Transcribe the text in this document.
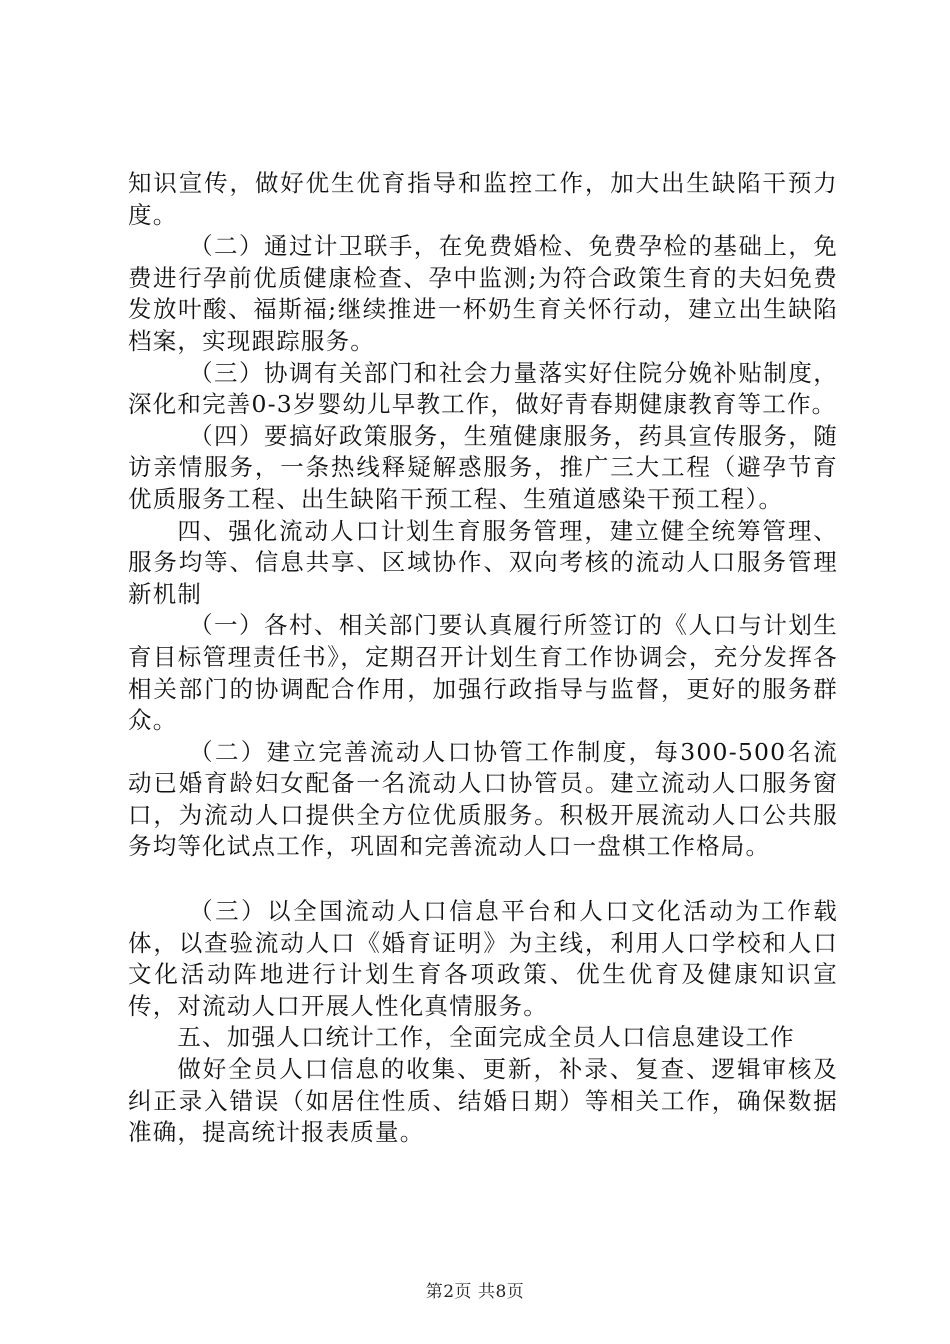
知识宣传，做好优生优育指导和监控工作，加大出生缺陷干预力度。

（二）通过计卫联手，在免费婚检、免费孕检的基础上，免费进行孕前优质健康检查、孕中监测;为符合政策生育的夫妇免费发放叶酸、福斯福;继续推进一杯奶生育关怀行动，建立出生缺陷档案，实现跟踪服务。

（三）协调有关部门和社会力量落实好住院分娩补贴制度，深化和完善0-3岁婴幼儿早教工作，做好青春期健康教育等工作。

（四）要搞好政策服务，生殖健康服务，药具宣传服务，随访亲情服务，一条热线释疑解惑服务，推广三大工程（避孕节育优质服务工程、出生缺陷干预工程、生殖道感染干预工程）。

四、强化流动人口计划生育服务管理，建立健全统筹管理、服务均等、信息共享、区域协作、双向考核的流动人口服务管理新机制

（一）各村、相关部门要认真履行所签订的《人口与计划生育目标管理责任书》，定期召开计划生育工作协调会，充分发挥各相关部门的协调配合作用，加强行政指导与监督，更好的服务群众。

（二）建立完善流动人口协管工作制度，每300-500名流动已婚育龄妇女配备一名流动人口协管员。建立流动人口服务窗口，为流动人口提供全方位优质服务。积极开展流动人口公共服务均等化试点工作，巩固和完善流动人口一盘棋工作格局。

（三）以全国流动人口信息平台和人口文化活动为工作载体，以查验流动人口《婚育证明》为主线，利用人口学校和人口文化活动阵地进行计划生育各项政策、优生优育及健康知识宣传，对流动人口开展人性化真情服务。

五、加强人口统计工作，全面完成全员人口信息建设工作

做好全员人口信息的收集、更新，补录、复查、逻辑审核及纠正录入错误（如居住性质、结婚日期）等相关工作，确保数据准确，提高统计报表质量。

第2页 共8页
